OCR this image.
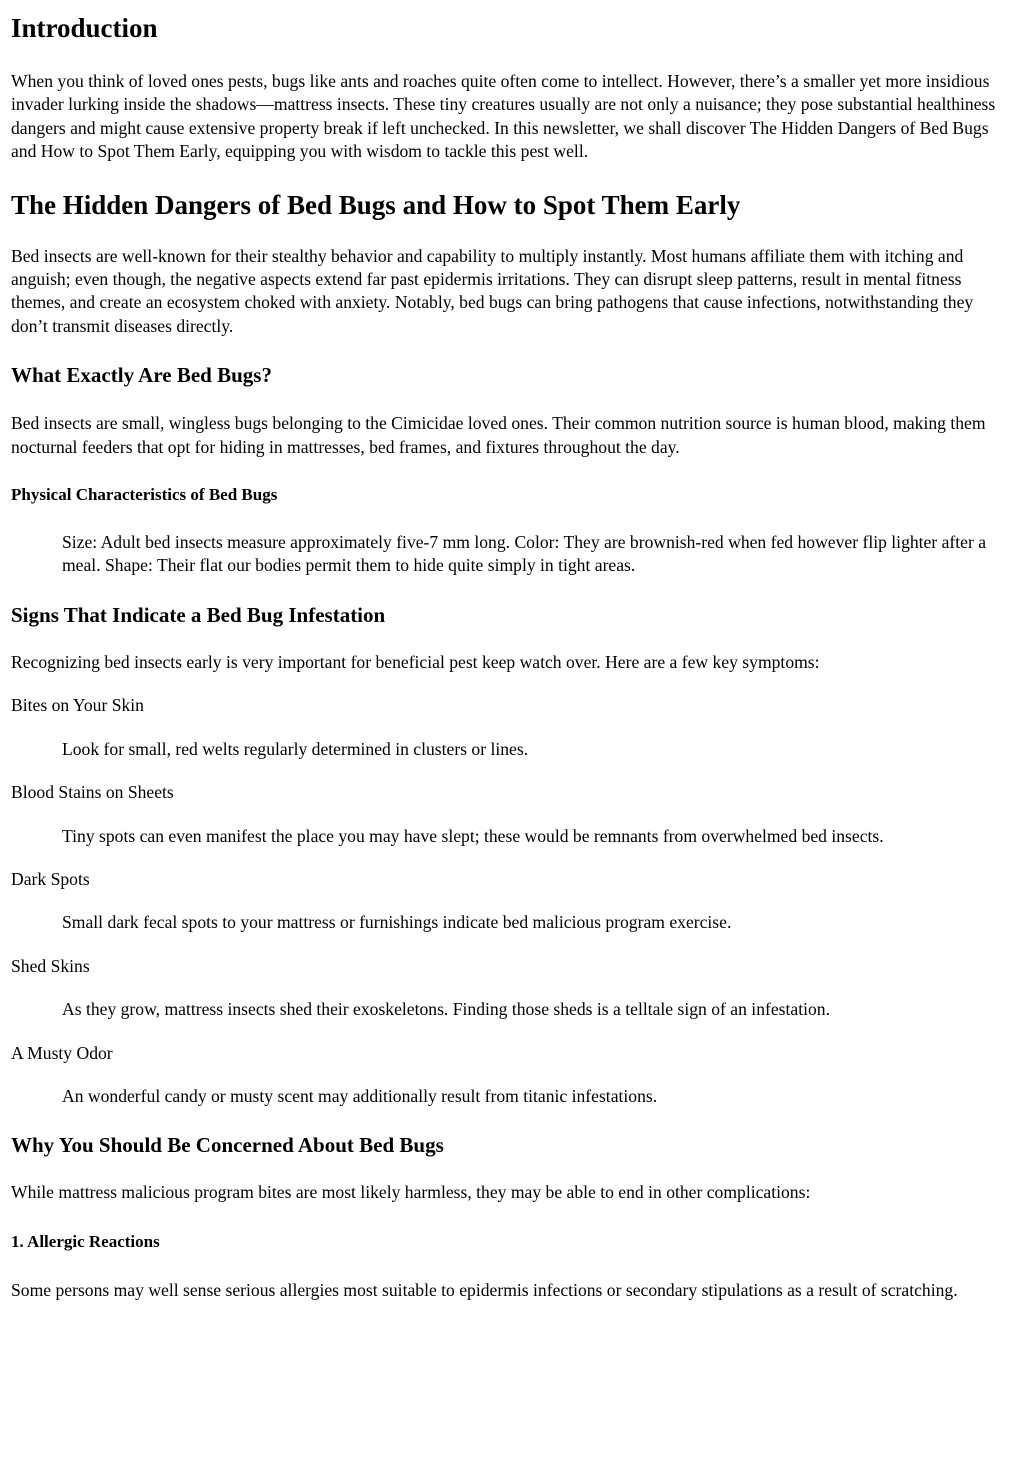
Introduction

When you think of loved ones pests, bugs like ants and roaches quite often come to intellect. However, there’s a smaller yet more insidious invader lurking inside the shadows—mattress insects. These tiny creatures usually are not only a nuisance; they pose substantial healthiness dangers and might cause extensive property break if left unchecked. In this newsletter, we shall discover The Hidden Dangers of Bed Bugs and How to Spot Them Early, equipping you with wisdom to tackle this pest well.

The Hidden Dangers of Bed Bugs and How to Spot Them Early

Bed insects are well-known for their stealthy behavior and capability to multiply instantly. Most humans affiliate them with itching and anguish; even though, the negative aspects extend far past epidermis irritations. They can disrupt sleep patterns, result in mental fitness themes, and create an ecosystem choked with anxiety. Notably, bed bugs can bring pathogens that cause infections, notwithstanding they don’t transmit diseases directly.

What Exactly Are Bed Bugs?

Bed insects are small, wingless bugs belonging to the Cimicidae loved ones. Their common nutrition source is human blood, making them nocturnal feeders that opt for hiding in mattresses, bed frames, and fixtures throughout the day.

Physical Characteristics of Bed Bugs

Size: Adult bed insects measure approximately five-7 mm long. Color: They are brownish-red when fed however flip lighter after a meal. Shape: Their flat our bodies permit them to hide quite simply in tight areas.

Signs That Indicate a Bed Bug Infestation

Recognizing bed insects early is very important for beneficial pest keep watch over. Here are a few key symptoms:

Bites on Your Skin

Look for small, red welts regularly determined in clusters or lines.

Blood Stains on Sheets

Tiny spots can even manifest the place you may have slept; these would be remnants from overwhelmed bed insects.

Dark Spots

Small dark fecal spots to your mattress or furnishings indicate bed malicious program exercise.

Shed Skins

As they grow, mattress insects shed their exoskeletons. Finding those sheds is a telltale sign of an infestation.

A Musty Odor

An wonderful candy or musty scent may additionally result from titanic infestations.

Why You Should Be Concerned About Bed Bugs

While mattress malicious program bites are most likely harmless, they may be able to end in other complications:

1. Allergic Reactions

Some persons may well sense serious allergies most suitable to epidermis infections or secondary stipulations as a result of scratching.
